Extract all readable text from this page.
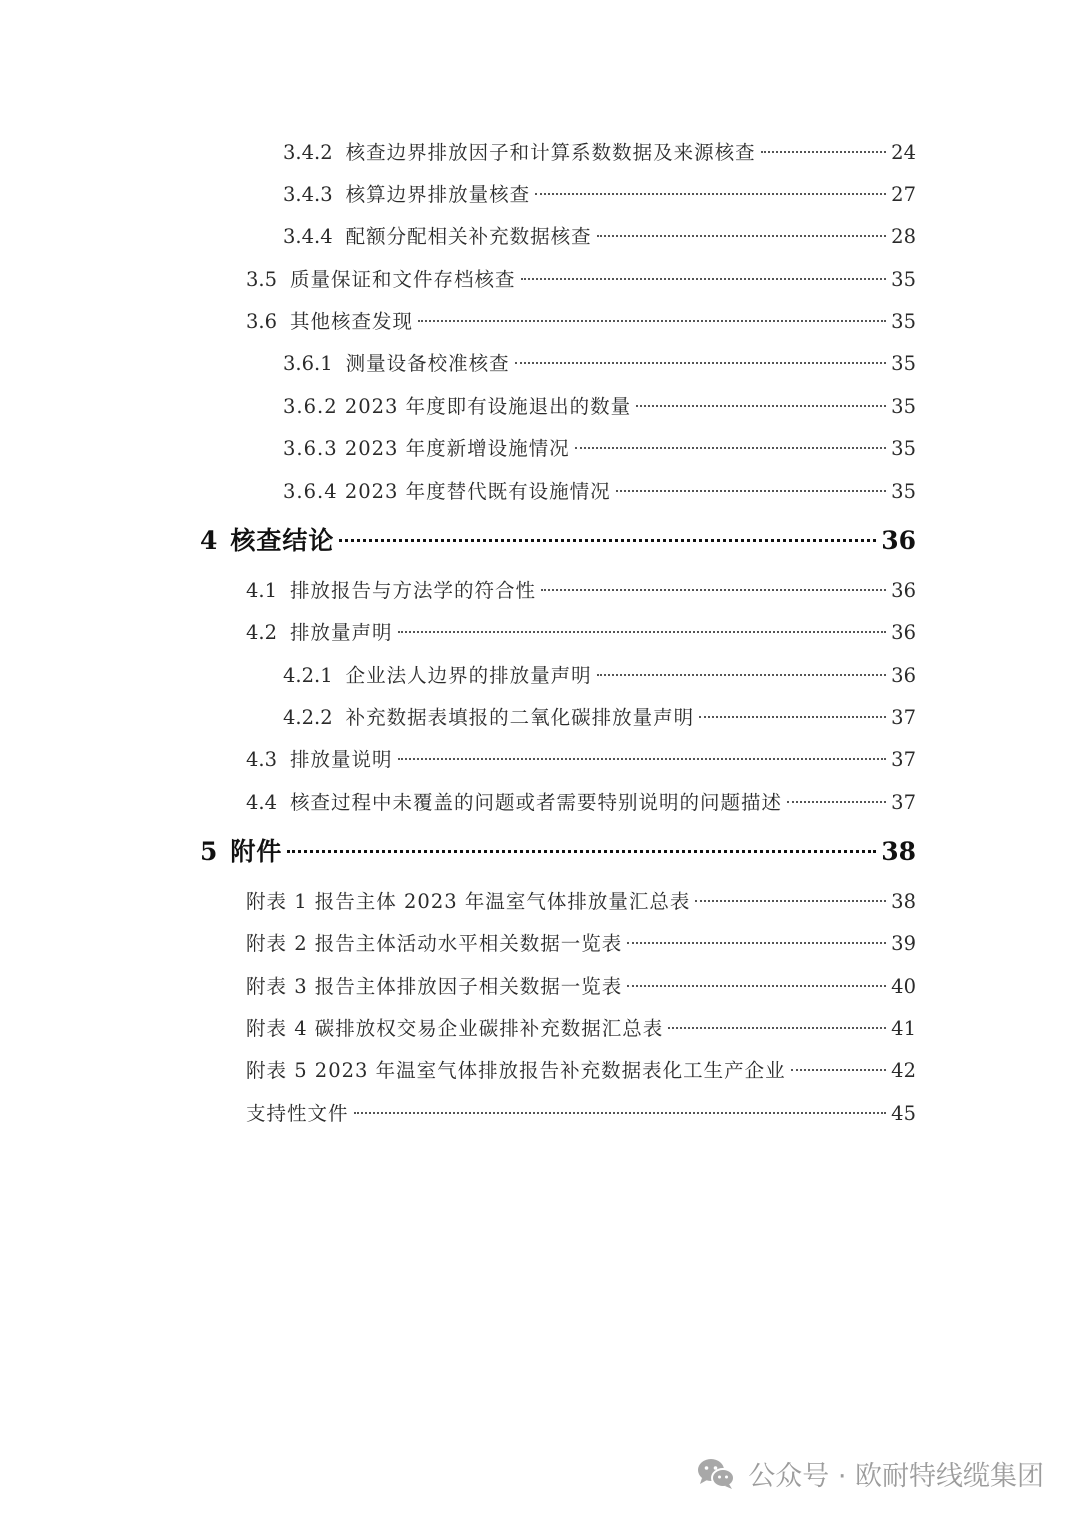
3.4.2 核查边界排放因子和计算系数数据及来源核查	24
3.4.3 核算边界排放量核查	27
3.4.4 配额分配相关补充数据核查	28
3.5 质量保证和文件存档核查	35
3.6 其他核查发现	35
3.6.1 测量设备校准核查	35
3.6.2 2023 年度即有设施退出的数量	35
3.6.3 2023 年度新增设施情况	35
3.6.4 2023 年度替代既有设施情况	35
4 核查结论	36
4.1 排放报告与方法学的符合性	36
4.2 排放量声明	36
4.2.1 企业法人边界的排放量声明	36
4.2.2 补充数据表填报的二氧化碳排放量声明	37
4.3 排放量说明	37
4.4 核查过程中未覆盖的问题或者需要特别说明的问题描述	37
5 附件	38
附表 1 报告主体 2023 年温室气体排放量汇总表	38
附表 2 报告主体活动水平相关数据一览表	39
附表 3 报告主体排放因子相关数据一览表	40
附表 4 碳排放权交易企业碳排补充数据汇总表	41
附表 5 2023 年温室气体排放报告补充数据表化工生产企业	42
支持性文件	45
公众号 · 欧耐特线缆集团
